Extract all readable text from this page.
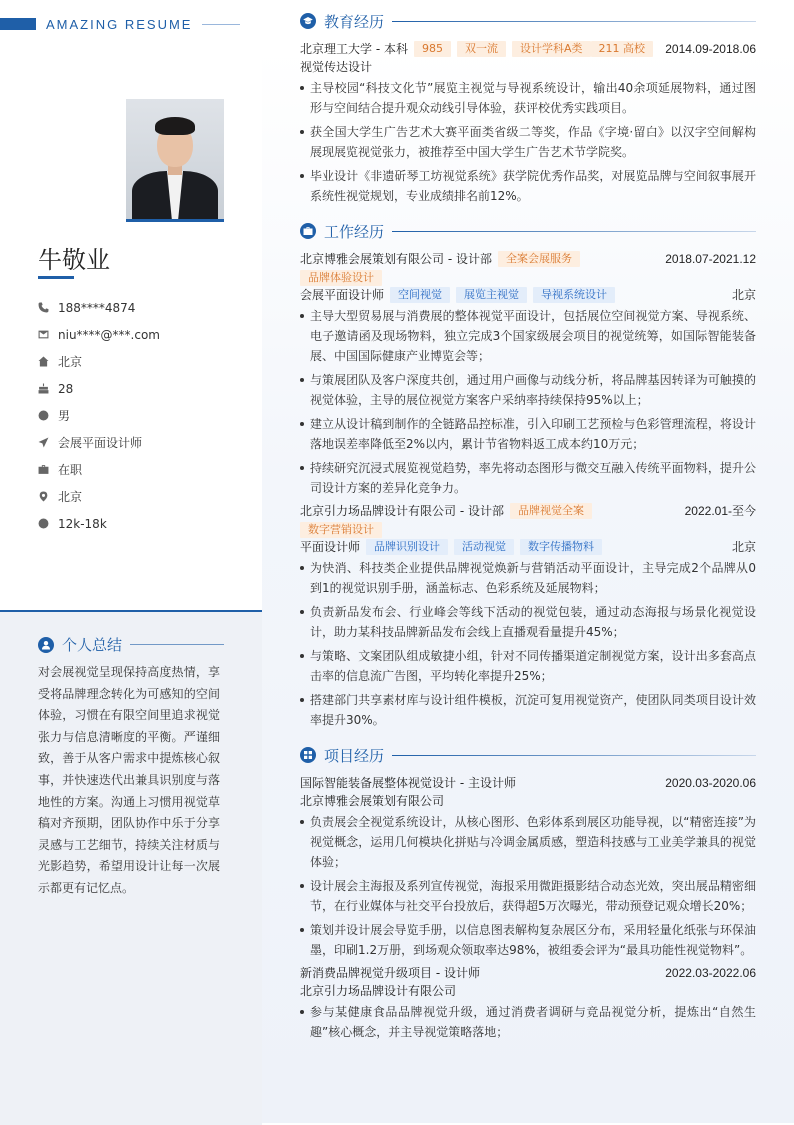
AMAZING RESUME
牛敬业
188****4874
niu****@***.com
北京
28
男
会展平面设计师
在职
北京
12k-18k
个人总结
对会展视觉呈现保持高度热情，享受将品牌理念转化为可感知的空间体验，习惯在有限空间里追求视觉张力与信息清晰度的平衡。严谨细致，善于从客户需求中提炼核心叙事，并快速迭代出兼具识别度与落地性的方案。沟通上习惯用视觉草稿对齐预期，团队协作中乐于分享灵感与工艺细节，持续关注材质与光影趋势，希望用设计让每一次展示都更有记忆点。
教育经历
北京理工大学 - 本科	985	双一流	设计学科A类	211 高校	2014.09-2018.06
视觉传达设计
主导校园“科技文化节”展览主视觉与导视系统设计，输出40余项延展物料，通过图形与空间结合提升观众动线引导体验，获评校优秀实践项目。
获全国大学生广告艺术大赛平面类省级二等奖，作品《字境·留白》以汉字空间解构展现展览视觉张力，被推荐至中国大学生广告艺术节学院奖。
毕业设计《非遗斫琴工坊视觉系统》获学院优秀作品奖，对展览品牌与空间叙事展开系统性视觉规划，专业成绩排名前12%。
工作经历
北京博雅会展策划有限公司 - 设计部	全案会展服务
品牌体验设计
2018.07-2021.12
会展平面设计师	空间视觉	展览主视觉	导视系统设计	北京
主导大型贸易展与消费展的整体视觉平面设计，包括展位空间视觉方案、导视系统、电子邀请函及现场物料，独立完成3个国家级展会项目的视觉统筹，如国际智能装备展、中国国际健康产业博览会等；
与策展团队及客户深度共创，通过用户画像与动线分析，将品牌基因转译为可触摸的视觉体验，主导的展位视觉方案客户采纳率持续保持95%以上；
建立从设计稿到制作的全链路品控标准，引入印刷工艺预检与色彩管理流程，将设计落地误差率降低至2%以内，累计节省物料返工成本约10万元；
持续研究沉浸式展览视觉趋势，率先将动态图形与微交互融入传统平面物料，提升公司设计方案的差异化竞争力。
北京引力场品牌设计有限公司 - 设计部	品牌视觉全案
数字营销设计
2022.01-至今
平面设计师	品牌识别设计	活动视觉	数字传播物料	北京
为快消、科技类企业提供品牌视觉焕新与营销活动平面设计，主导完成2个品牌从0到1的视觉识别手册，涵盖标志、色彩系统及延展物料；
负责新品发布会、行业峰会等线下活动的视觉包装，通过动态海报与场景化视觉设计，助力某科技品牌新品发布会线上直播观看量提升45%；
与策略、文案团队组成敏捷小组，针对不同传播渠道定制视觉方案，设计出多套高点击率的信息流广告图，平均转化率提升25%；
搭建部门共享素材库与设计组件模板，沉淀可复用视觉资产，使团队同类项目设计效率提升30%。
项目经历
国际智能装备展整体视觉设计 - 主设计师	2020.03-2020.06
北京博雅会展策划有限公司
负责展会全视觉系统设计，从核心图形、色彩体系到展区功能导视，以“精密连接”为视觉概念，运用几何模块化拼贴与冷调金属质感，塑造科技感与工业美学兼具的视觉体验；
设计展会主海报及系列宣传视觉，海报采用微距摄影结合动态光效，突出展品精密细节，在行业媒体与社交平台投放后，获得超5万次曝光，带动预登记观众增长20%；
策划并设计展会导览手册，以信息图表解构复杂展区分布，采用轻量化纸张与环保油墨，印刷1.2万册，到场观众领取率达98%，被组委会评为“最具功能性视觉物料”。
新消费品牌视觉升级项目 - 设计师	2022.03-2022.06
北京引力场品牌设计有限公司
参与某健康食品品牌视觉升级，通过消费者调研与竞品视觉分析，提炼出“自然生趣”核心概念，并主导视觉策略落地；
